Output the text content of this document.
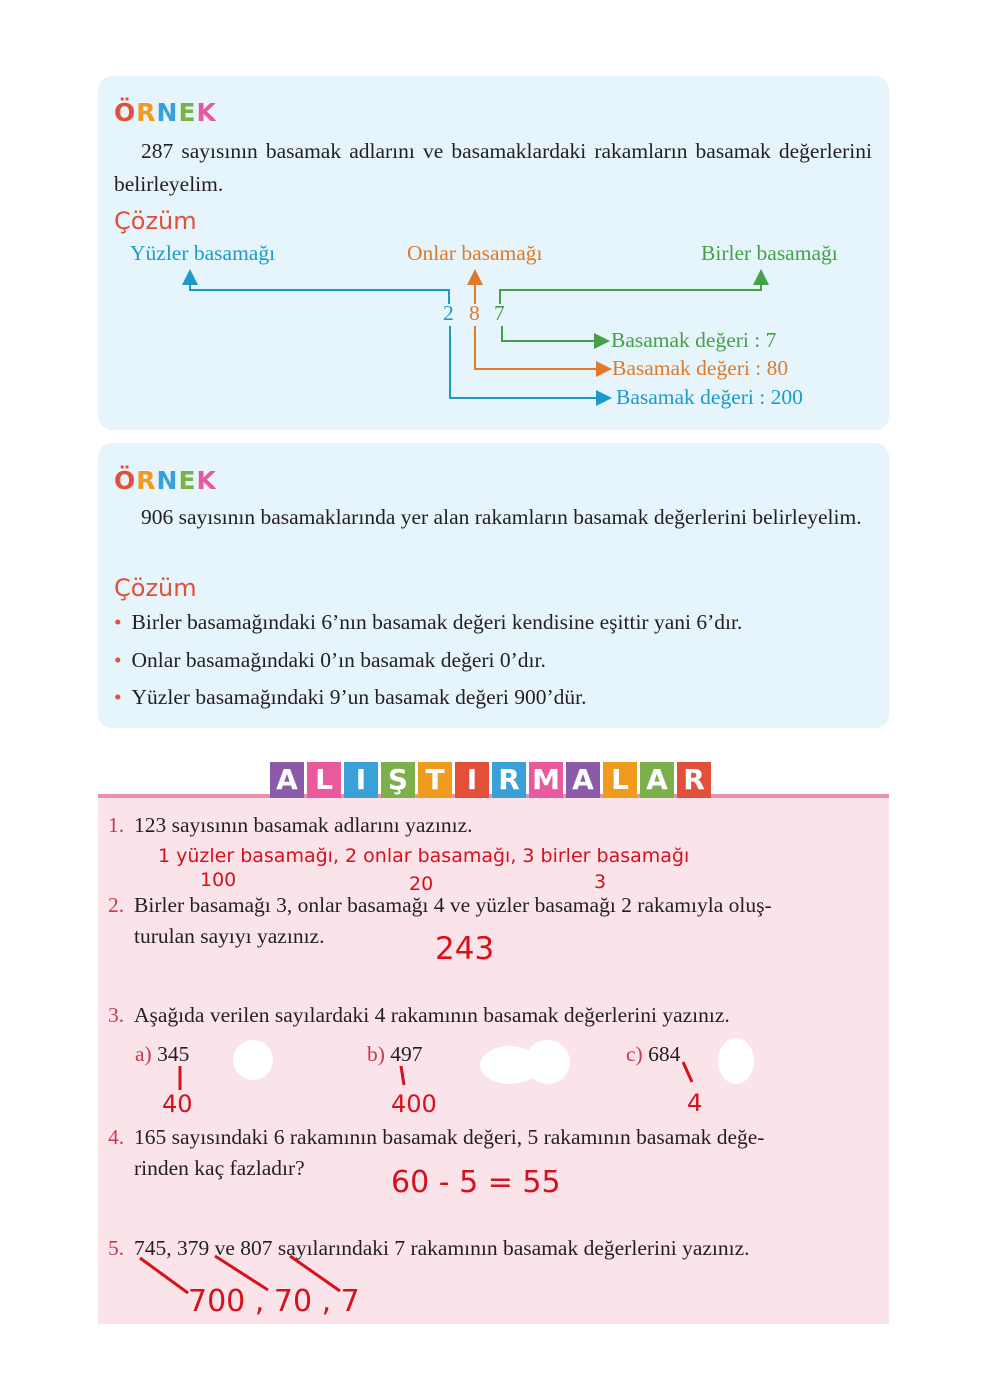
ÖRNEK
287 sayısının basamak adlarını ve basamaklardaki rakamların basamak değerlerini belirleyelim.
Çözüm
Yüzler basamağı	Onlar basamağı	Birler basamağı
2 8 7
Basamak değeri : 7
Basamak değeri : 80
Basamak değeri : 200
ÖRNEK
906 sayısının basamaklarında yer alan rakamların basamak değerlerini belirleyelim.
Çözüm
• Birler basamağındaki 6’nın basamak değeri kendisine eşittir yani 6’dır.
• Onlar basamağındaki 0’ın basamak değeri 0’dır.
• Yüzler basamağındaki 9’un basamak değeri 900’dür.
A L I Ş T I R M A L A R
1. 123 sayısının basamak adlarını yazınız.
1 yüzler basamağı, 2 onlar basamağı, 3 birler basamağı
100	20	3
2. Birler basamağı 3, onlar basamağı 4 ve yüzler basamağı 2 rakamıyla oluş-
turulan sayıyı yazınız.	243
3. Aşağıda verilen sayılardaki 4 rakamının basamak değerlerini yazınız.
a) 345	b) 497	c) 684
40	400	4
4. 165 sayısındaki 6 rakamının basamak değeri, 5 rakamının basamak değe-
rinden kaç fazladır?	60 - 5 = 55
5. 745, 379 ve 807 sayılarındaki 7 rakamının basamak değerlerini yazınız.
700 , 70 , 7
